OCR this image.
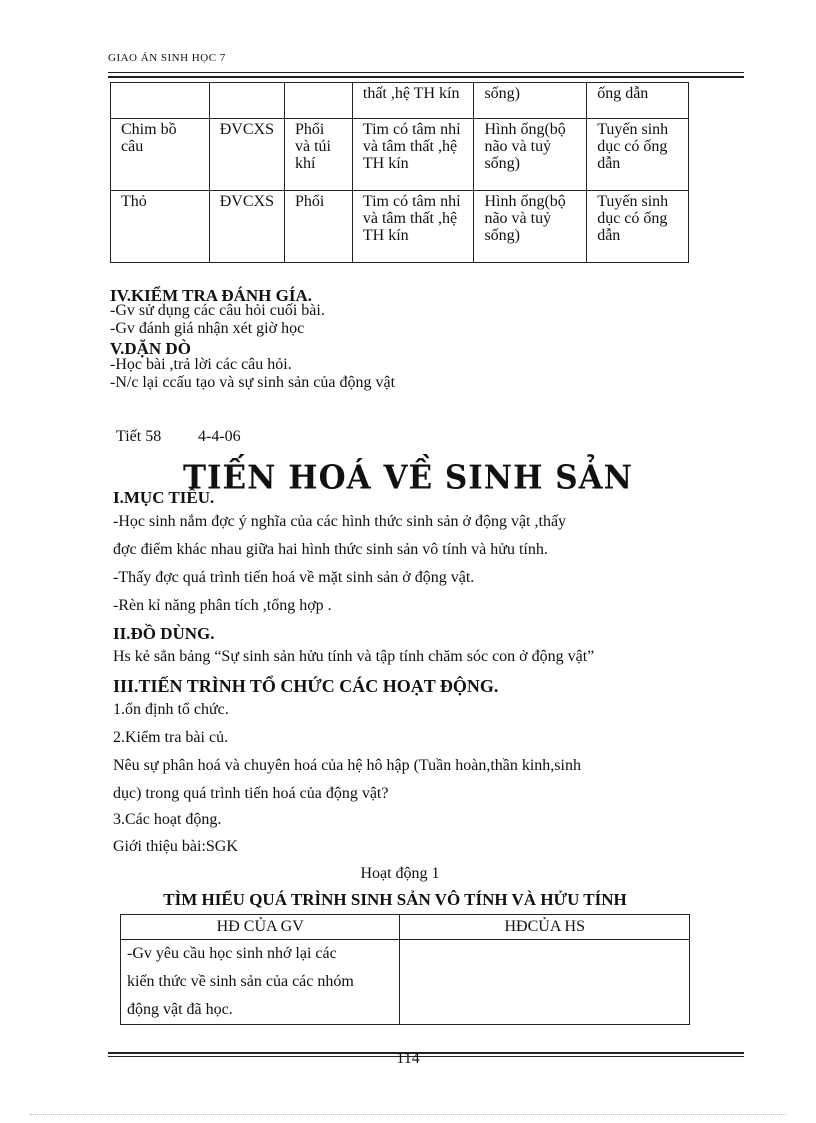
GIAO ÁN SINH HỌC 7
			thất ,hệ TH kín	sống)	ống dẫn
Chim bồ câu	ĐVCXS	Phổi và túi khí	Tim có tâm nhỉ và tâm thất ,hệ TH kín	Hình ống(bộ não và tuỷ sống)	Tuyến sinh dục có ống dẫn
Thỏ	ĐVCXS	Phổi	Tim có tâm nhỉ và tâm thất ,hệ TH kín	Hình ống(bộ não và tuỷ sống)	Tuyến sinh dục có ống dẫn
IV.KIỂM TRA ĐÁNH GÍA.
-Gv sử dụng các câu hỏi cuối bài.
-Gv đánh giá nhận xét giờ học
V.DẶN DÒ
-Học bài ,trả lời các câu hỏi.
-N/c lại ccấu tạo và sự sinh sản của động vật
Tiết 58 4-4-06
TIẾN HOÁ VỀ SINH SẢN
I.MỤC TIÊU.
-Học sinh nắm đợc ý nghĩa của các hình thức sinh sản ở động vật ,thấy
đợc điểm khác nhau giữa hai hình thức sinh sản vô tính và hửu tính.
-Thấy đợc quá trình tiến hoá về mặt sinh sản ở động vật.
-Rèn kỉ năng phân tích ,tổng hợp .
II.ĐỒ DÙNG.
Hs kẻ sẳn bảng “Sự sinh sản hửu tính và tập tính chăm sóc con ở động vật”
III.TIẾN TRÌNH TỔ CHỨC CÁC HOẠT ĐỘNG.
1.ổn định tổ chức.
2.Kiểm tra bài củ.
Nêu sự phân hoá và chuyên hoá của hệ hô hập (Tuần hoàn,thần kinh,sinh
dục) trong quá trình tiến hoá của động vật?
3.Các hoạt động.
Giới thiệu bài:SGK
Hoạt động 1
TÌM HIỂU QUÁ TRÌNH SINH SẢN VÔ TÍNH VÀ HỬU TÍNH
HĐ CỦA GV	HĐCỦA HS

-Gv yêu cầu học sinh nhớ lại các
kiến thức về sinh sản của các nhóm
động vật đã học.	

114
